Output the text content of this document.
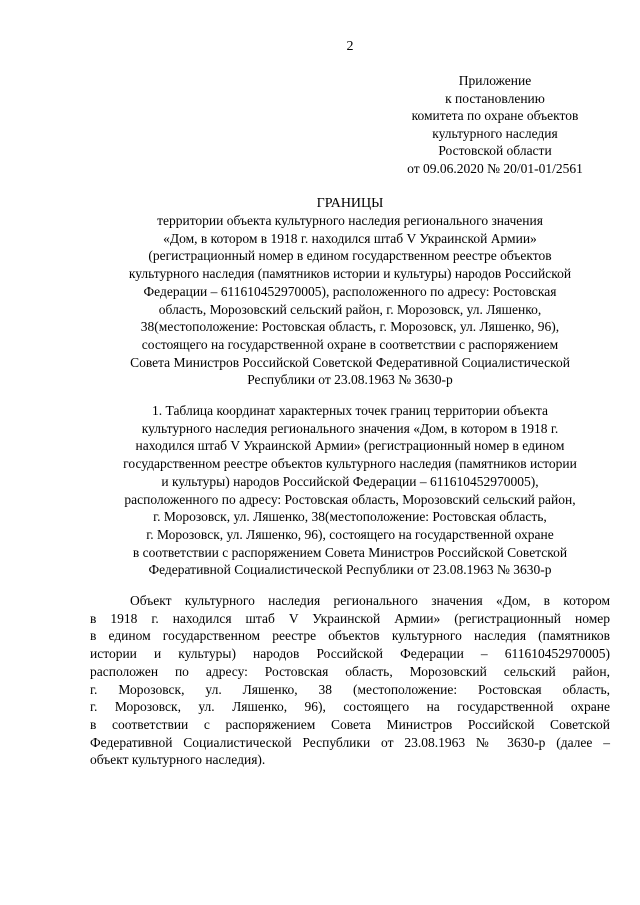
2
Приложение
к постановлению
комитета по охране объектов
культурного наследия
Ростовской области
от 09.06.2020 № 20/01-01/2561
ГРАНИЦЫ
территории объекта культурного наследия регионального значения
«Дом, в котором в 1918 г. находился штаб V Украинской Армии»
(регистрационный номер в едином государственном реестре объектов
культурного наследия (памятников истории и культуры) народов Российской
Федерации – 611610452970005), расположенного по адресу: Ростовская
область, Морозовский сельский район, г. Морозовск, ул. Ляшенко,
38(местоположение: Ростовская область, г. Морозовск, ул. Ляшенко, 96),
состоящего на государственной охране в соответствии с распоряжением
Совета Министров Российской Советской Федеративной Социалистической
Республики от 23.08.1963 № 3630-р
1. Таблица координат характерных точек границ территории объекта
культурного наследия регионального значения «Дом, в котором в 1918 г.
находился штаб V Украинской Армии» (регистрационный номер в едином
государственном реестре объектов культурного наследия (памятников истории
и культуры) народов Российской Федерации – 611610452970005),
расположенного по адресу: Ростовская область, Морозовский сельский район,
г. Морозовск, ул. Ляшенко, 38(местоположение: Ростовская область,
г. Морозовск, ул. Ляшенко, 96), состоящего на государственной охране
в соответствии с распоряжением Совета Министров Российской Советской
Федеративной Социалистической Республики от 23.08.1963 № 3630-р
Объект культурного наследия регионального значения «Дом, в котором
в 1918 г. находился штаб V Украинской Армии» (регистрационный номер
в едином государственном реестре объектов культурного наследия (памятников
истории и культуры) народов Российской Федерации – 611610452970005)
расположен по адресу: Ростовская область, Морозовский сельский район,
г. Морозовск, ул. Ляшенко, 38 (местоположение: Ростовская область,
г. Морозовск, ул. Ляшенко, 96), состоящего на государственной охране
в соответствии с распоряжением Совета Министров Российской Советской
Федеративной Социалистической Республики от 23.08.1963 № 3630-р (далее –
объект культурного наследия).
